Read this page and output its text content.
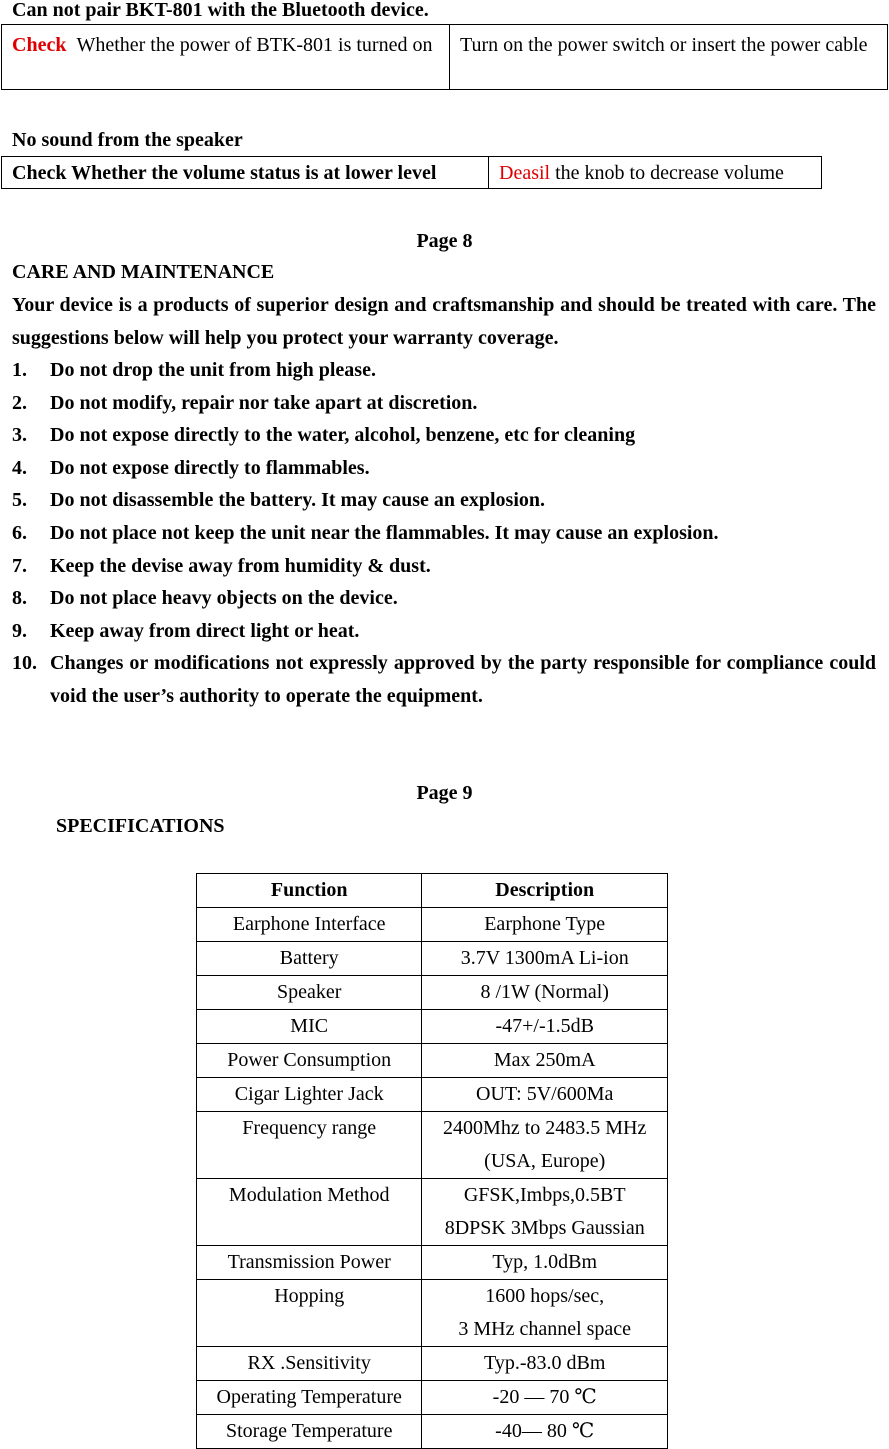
Can not pair BKT-801 with the Bluetooth device.
Check Whether the power of BTK-801 is turned on	Turn on the power switch or insert the power cable
No sound from the speaker
Check Whether the volume status is at lower level	Deasil the knob to decrease volume
Page 8
CARE AND MAINTENANCE
Your device is a products of superior design and craftsmanship and should be treated with care. The suggestions below will help you protect your warranty coverage.
1. Do not drop the unit from high please.
2. Do not modify, repair nor take apart at discretion.
3. Do not expose directly to the water, alcohol, benzene, etc for cleaning
4. Do not expose directly to flammables.
5. Do not disassemble the battery. It may cause an explosion.
6. Do not place not keep the unit near the flammables. It may cause an explosion.
7. Keep the devise away from humidity & dust.
8. Do not place heavy objects on the device.
9. Keep away from direct light or heat.
10. Changes or modifications not expressly approved by the party responsible for compliance could void the user’s authority to operate the equipment.
Page 9
SPECIFICATIONS
Function	Description
Earphone Interface	Earphone Type

Battery	3.7V 1300mA Li-ion

Speaker	8 /1W (Normal)

MIC	-47+/-1.5dB

Power Consumption	Max 250mA

Cigar Lighter Jack	OUT: 5V/600Ma

Frequency range	2400Mhz to 2483.5 MHz
(USA, Europe)

Modulation Method	GFSK,Imbps,0.5BT
8DPSK 3Mbps Gaussian

Transmission Power	Typ, 1.0dBm

Hopping	1600 hops/sec,
3 MHz channel space

RX .Sensitivity	Typ.-83.0 dBm

Operating Temperature	-20 — 70 ℃

Storage Temperature	-40— 80 ℃
